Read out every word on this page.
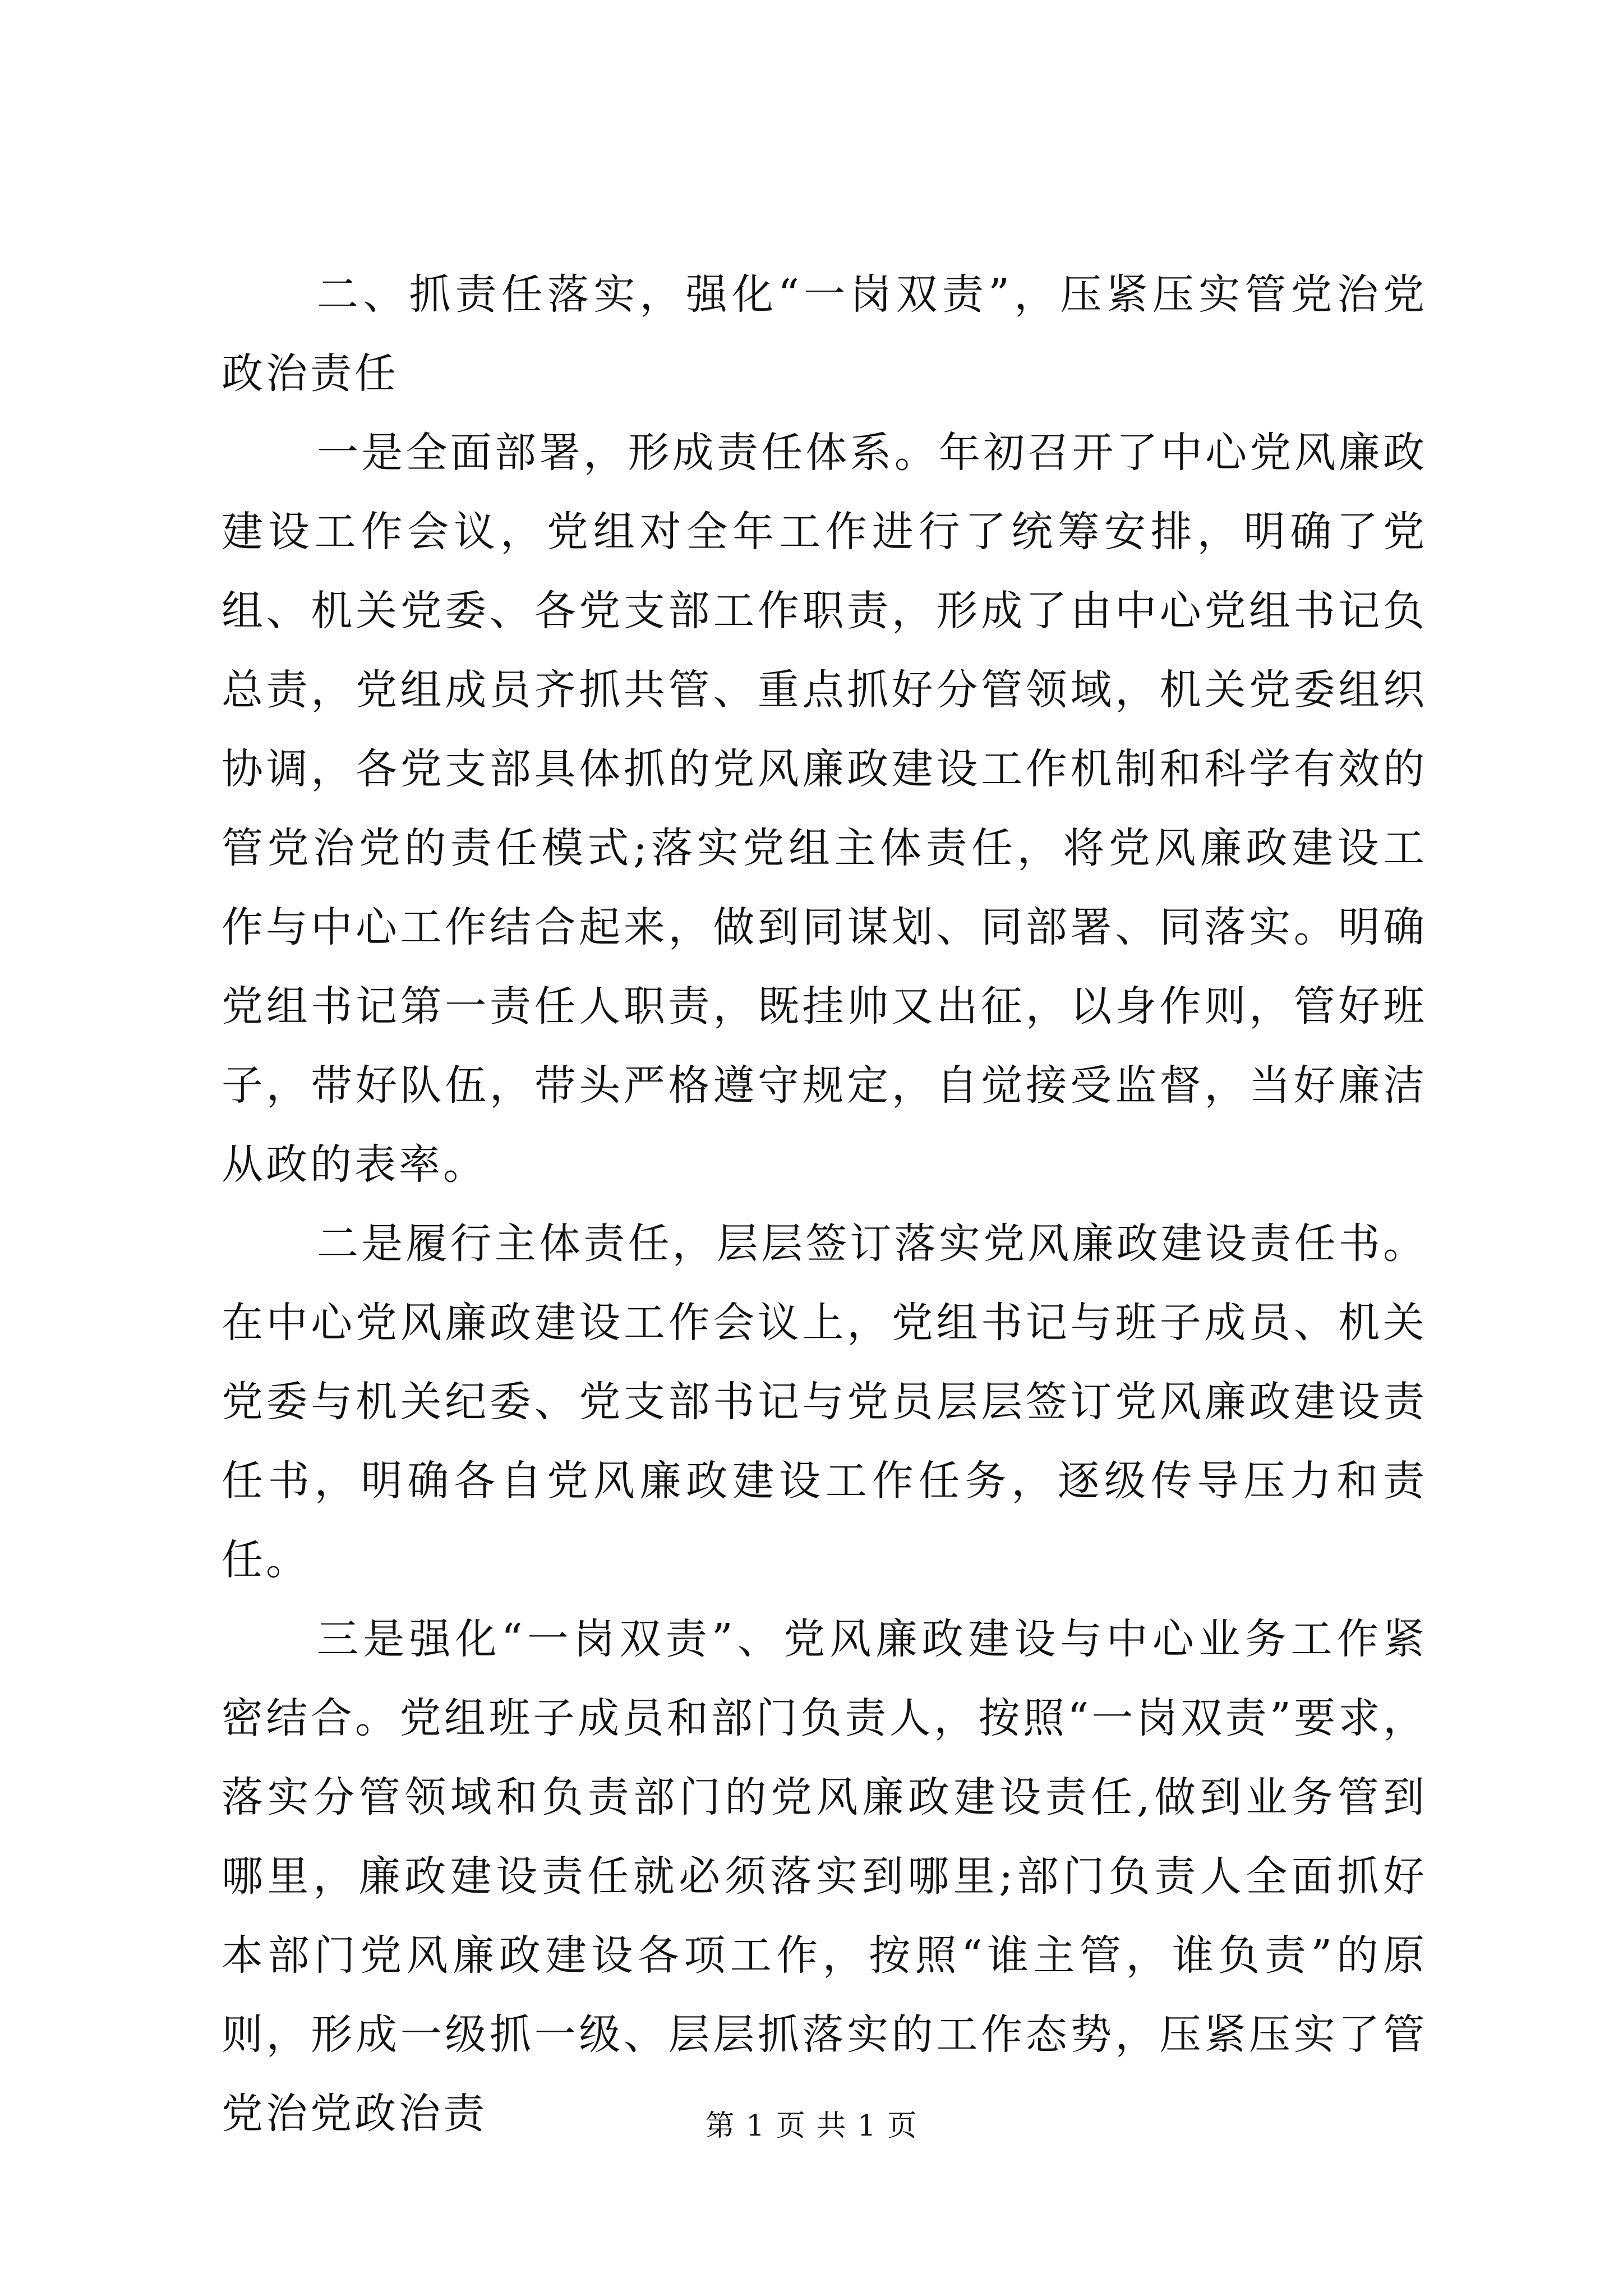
二、抓责任落实，强化“一岗双责”，压紧压实管党治党政治责任

一是全面部署，形成责任体系。年初召开了中心党风廉政建设工作会议，党组对全年工作进行了统筹安排，明确了党组、机关党委、各党支部工作职责，形成了由中心党组书记负总责，党组成员齐抓共管、重点抓好分管领域，机关党委组织协调，各党支部具体抓的党风廉政建设工作机制和科学有效的管党治党的责任模式;落实党组主体责任，将党风廉政建设工作与中心工作结合起来，做到同谋划、同部署、同落实。明确党组书记第一责任人职责，既挂帅又出征，以身作则，管好班子，带好队伍，带头严格遵守规定，自觉接受监督，当好廉洁从政的表率。

二是履行主体责任，层层签订落实党风廉政建设责任书。在中心党风廉政建设工作会议上，党组书记与班子成员、机关党委与机关纪委、党支部书记与党员层层签订党风廉政建设责任书，明确各自党风廉政建设工作任务，逐级传导压力和责任。

三是强化“一岗双责”、党风廉政建设与中心业务工作紧密结合。党组班子成员和部门负责人，按照“一岗双责”要求，落实分管领域和负责部门的党风廉政建设责任,做到业务管到哪里，廉政建设责任就必须落实到哪里;部门负责人全面抓好本部门党风廉政建设各项工作，按照“谁主管，谁负责”的原则，形成一级抓一级、层层抓落实的工作态势，压紧压实了管党治党政治责	第 1 页 共 1 页
